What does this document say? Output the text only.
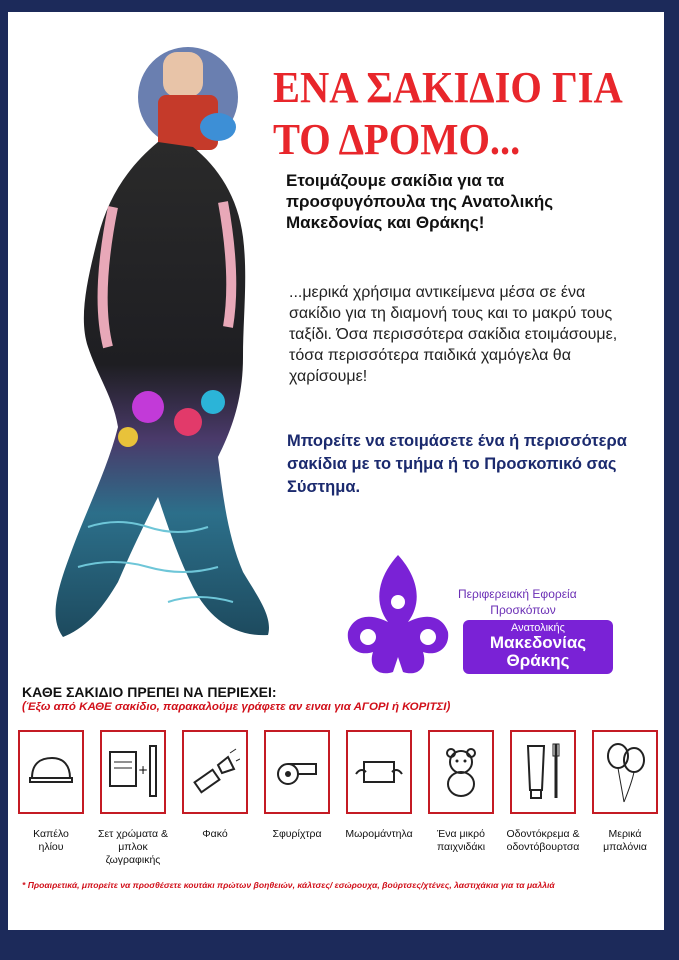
ΕΝΑ ΣΑΚΙΔΙΟ ΓΙΑ
ΤΟ ΔΡΟΜΟ...
Ετοιμάζουμε σακίδια για τα προσφυγόπουλα της Ανατολικής Μακεδονίας και Θράκης!
...μερικά χρήσιμα αντικείμενα μέσα σε ένα σακίδιο για τη διαμονή τους και το μακρύ τους ταξίδι. Όσα περισσότερα σακίδια ετοιμάσουμε, τόσα περισσότερα παιδικά χαμόγελα θα χαρίσουμε!
Μπορείτε να ετοιμάσετε ένα ή περισσότερα σακίδια με το τμήμα ή το Προσκοπικό σας Σύστημα.
Περιφερειακή Εφορεία
Προσκόπων
Ανατολικής
Μακεδονίας
Θράκης
ΚΑΘΕ ΣΑΚΙΔΙΟ ΠΡΕΠΕΙ ΝΑ ΠΕΡΙΕΧΕΙ:
(Έξω από ΚΑΘΕ σακίδιο, παρακαλούμε γράφετε αν ειναι για ΑΓΟΡΙ ή ΚΟΡΙΤΣΙ)
Καπέλο
ηλίου
+
Σετ χρώματα &
μπλοκ ζωγραφικής
Φακό	Σφυρίχτρα	Μωρομάντηλα	Ένα μικρό
παιχνιδάκι
Οδοντόκρεμα &
οδοντόβουρτσα
Μερικά
μπαλόνια
* Προαιρετικά, μπορείτε να προσθέσετε κουτάκι πρώτων βοηθειών, κάλτσες/ εσώρουχα, βούρτσες/χτένες, λαστιχάκια για τα μαλλιά
